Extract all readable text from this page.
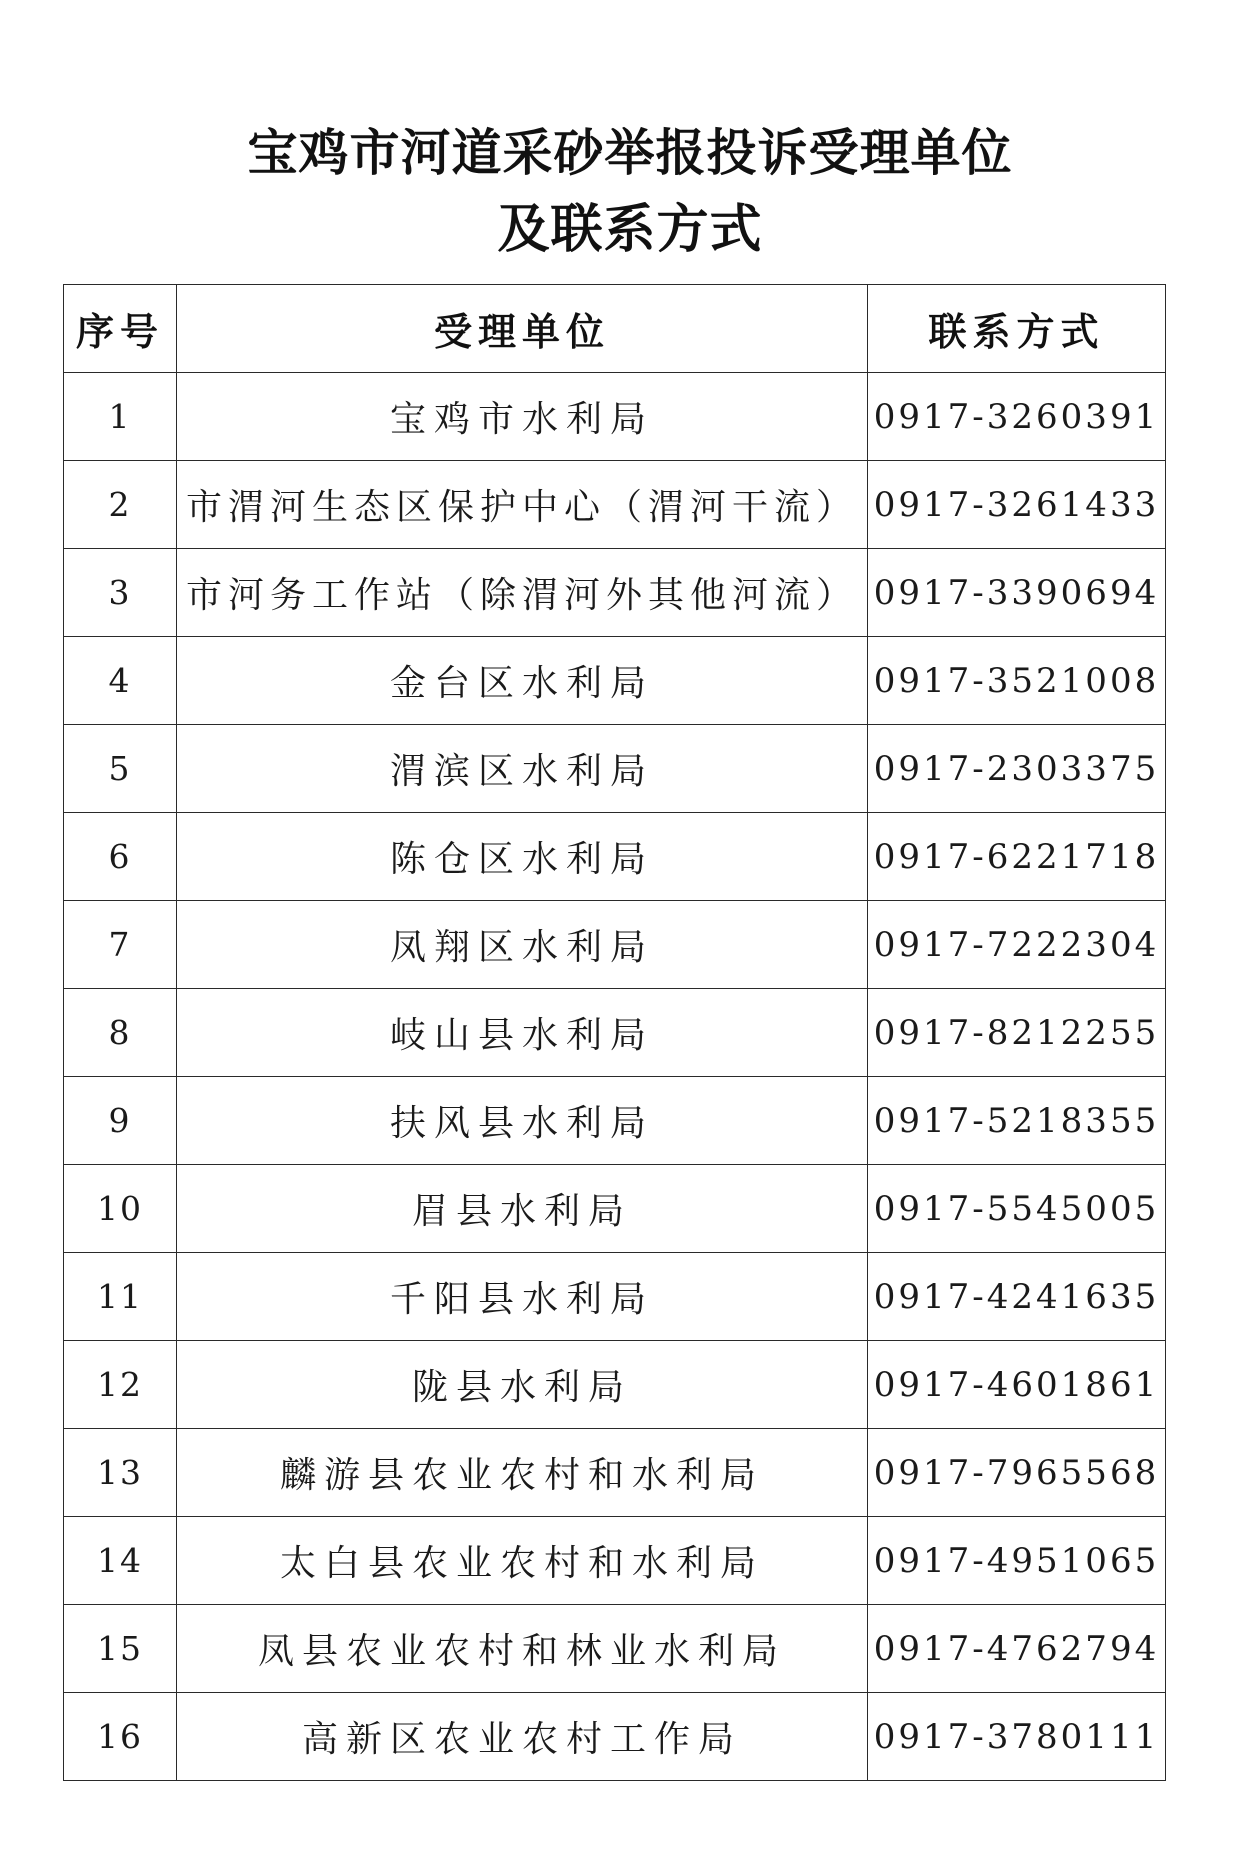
宝鸡市河道采砂举报投诉受理单位
及联系方式
序号	受理单位	联系方式
1	宝鸡市水利局	0917-3260391
2	市渭河生态区保护中心（渭河干流）	0917-3261433
3	市河务工作站（除渭河外其他河流）	0917-3390694
4	金台区水利局	0917-3521008
5	渭滨区水利局	0917-2303375
6	陈仓区水利局	0917-6221718
7	凤翔区水利局	0917-7222304
8	岐山县水利局	0917-8212255
9	扶风县水利局	0917-5218355
10	眉县水利局	0917-5545005
11	千阳县水利局	0917-4241635
12	陇县水利局	0917-4601861
13	麟游县农业农村和水利局	0917-7965568
14	太白县农业农村和水利局	0917-4951065
15	凤县农业农村和林业水利局	0917-4762794
16	高新区农业农村工作局	0917-3780111
